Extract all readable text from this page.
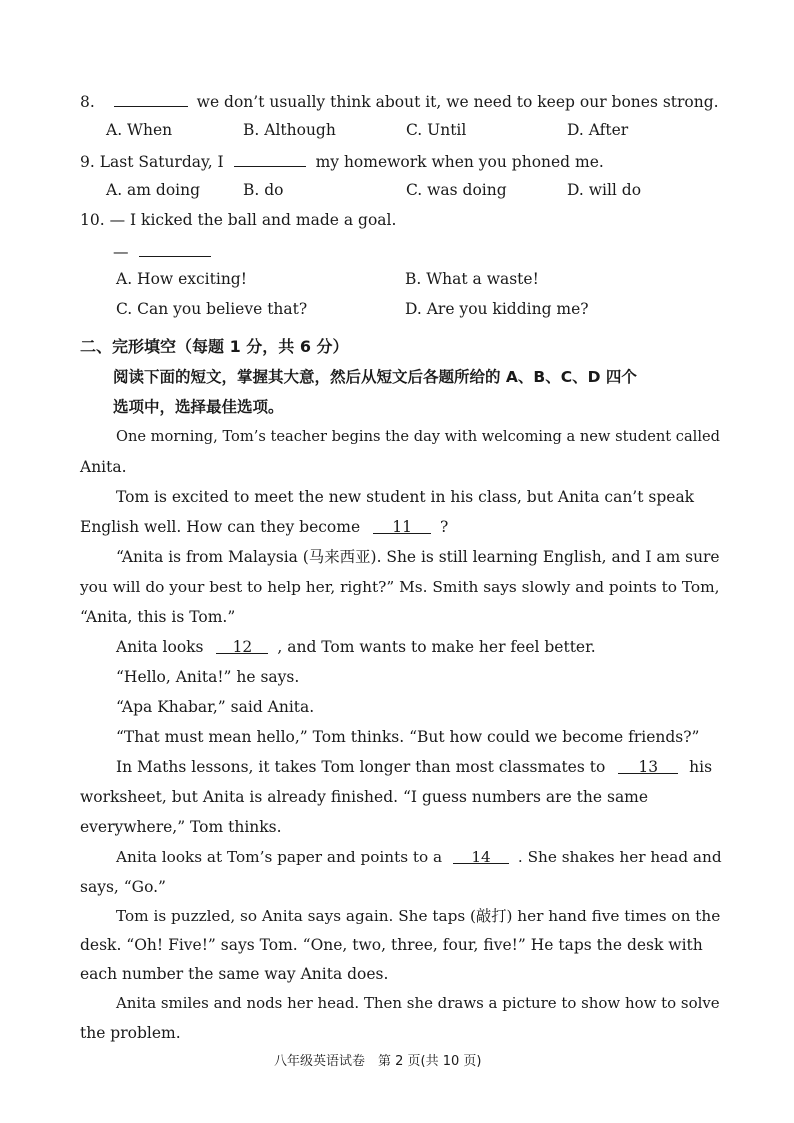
8.	we don’t usually think about it, we need to keep our bones strong.
A. When	B. Although	C. Until	D. After
9. Last Saturday, I	my homework when you phoned me.
A. am doing	B. do	C. was doing	D. will do
10. — I kicked the ball and made a goal.
—
A. How exciting!	B. What a waste!
C. Can you believe that?	D. Are you kidding me?
二、完形填空（每题 1 分，共 6 分）
阅读下面的短文，掌握其大意，然后从短文后各题所给的 A、B、C、D 四个
选项中，选择最佳选项。
One morning, Tom’s teacher begins the day with welcoming a new student called
Anita.
Tom is excited to meet the new student in his class, but Anita can’t speak
English well. How can they become 11 ?
“Anita is from Malaysia (马来西亚). She is still learning English, and I am sure
you will do your best to help her, right?” Ms. Smith says slowly and points to Tom,
“Anita, this is Tom.”
Anita looks 12 , and Tom wants to make her feel better.
“Hello, Anita!” he says.
“Apa Khabar,” said Anita.
“That must mean hello,” Tom thinks. “But how could we become friends?”
In Maths lessons, it takes Tom longer than most classmates to 13 his
worksheet, but Anita is already finished. “I guess numbers are the same
everywhere,” Tom thinks.
Anita looks at Tom’s paper and points to a 14 . She shakes her head and
says, “Go.”
Tom is puzzled, so Anita says again. She taps (敲打) her hand five times on the
desk. “Oh! Five!” says Tom. “One, two, three, four, five!” He taps the desk with
each number the same way Anita does.
Anita smiles and nods her head. Then she draws a picture to show how to solve
the problem.
八年级英语试卷　第 2 页(共 10 页)
